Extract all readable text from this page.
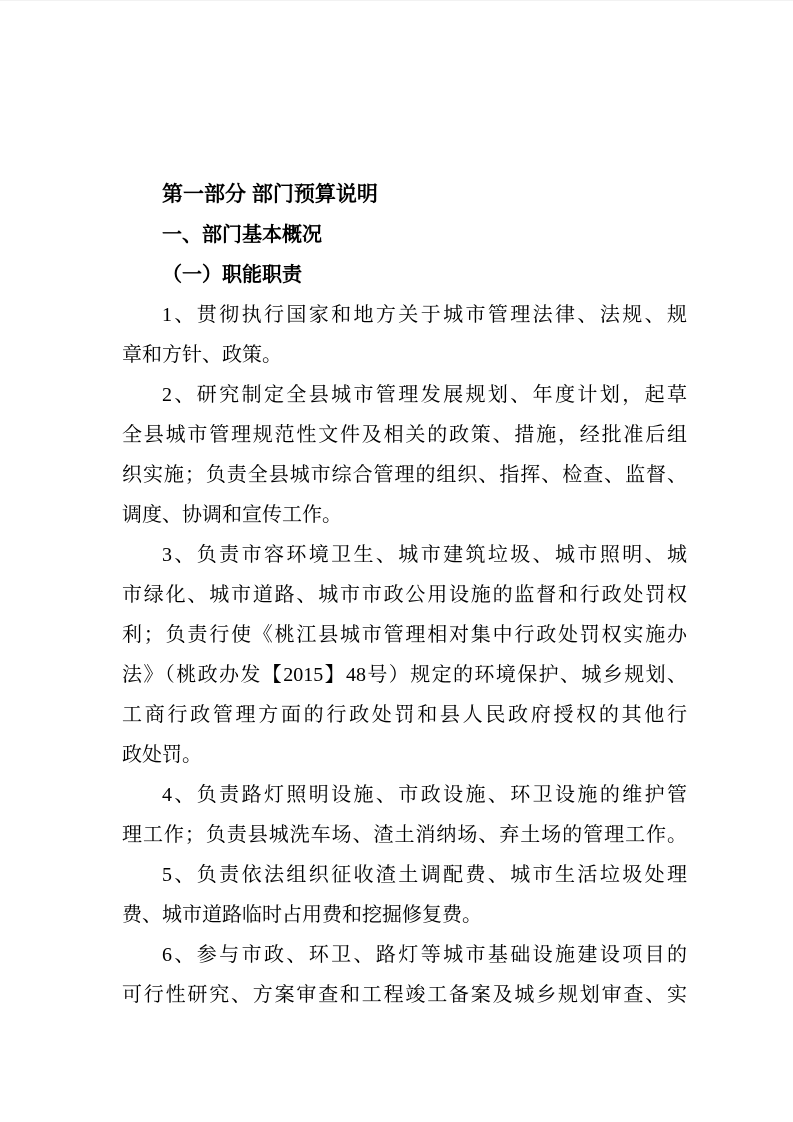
第一部分 部门预算说明
一、部门基本概况
（一）职能职责
1、贯彻执行国家和地方关于城市管理法律、法规、规
章和方针、政策。
2、研究制定全县城市管理发展规划、年度计划，起草
全县城市管理规范性文件及相关的政策、措施，经批准后组
织实施；负责全县城市综合管理的组织、指挥、检查、监督、
调度、协调和宣传工作。
3、负责市容环境卫生、城市建筑垃圾、城市照明、城
市绿化、城市道路、城市市政公用设施的监督和行政处罚权
利；负责行使《桃江县城市管理相对集中行政处罚权实施办
法》（桃政办发【2015】48号）规定的环境保护、城乡规划、
工商行政管理方面的行政处罚和县人民政府授权的其他行
政处罚。
4、负责路灯照明设施、市政设施、环卫设施的维护管
理工作；负责县城洗车场、渣土消纳场、弃土场的管理工作。
5、负责依法组织征收渣土调配费、城市生活垃圾处理
费、城市道路临时占用费和挖掘修复费。
6、参与市政、环卫、路灯等城市基础设施建设项目的
可行性研究、方案审查和工程竣工备案及城乡规划审查、实
